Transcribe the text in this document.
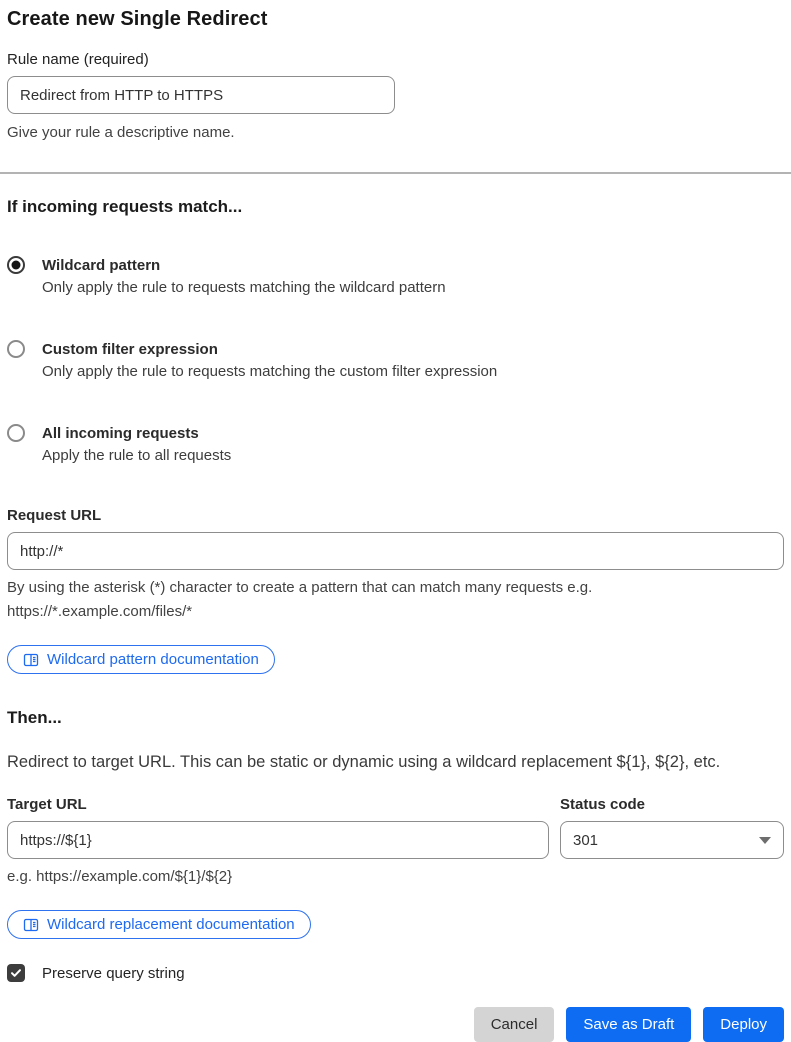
Create new Single Redirect
Rule name (required)
Redirect from HTTP to HTTPS
Give your rule a descriptive name.
If incoming requests match...
Wildcard pattern
Only apply the rule to requests matching the wildcard pattern
Custom filter expression
Only apply the rule to requests matching the custom filter expression
All incoming requests
Apply the rule to all requests
Request URL
http://*
By using the asterisk (*) character to create a pattern that can match many requests e.g.
https://*.example.com/files/*
Wildcard pattern documentation
Then...

Redirect to target URL. This can be static or dynamic using a wildcard replacement ${1}, ${2}, etc.

Target URL
https://${1}	Status code
301
e.g. https://example.com/${1}/${2}
Wildcard replacement documentation
Preserve query string
Cancel	Save as Draft	Deploy
